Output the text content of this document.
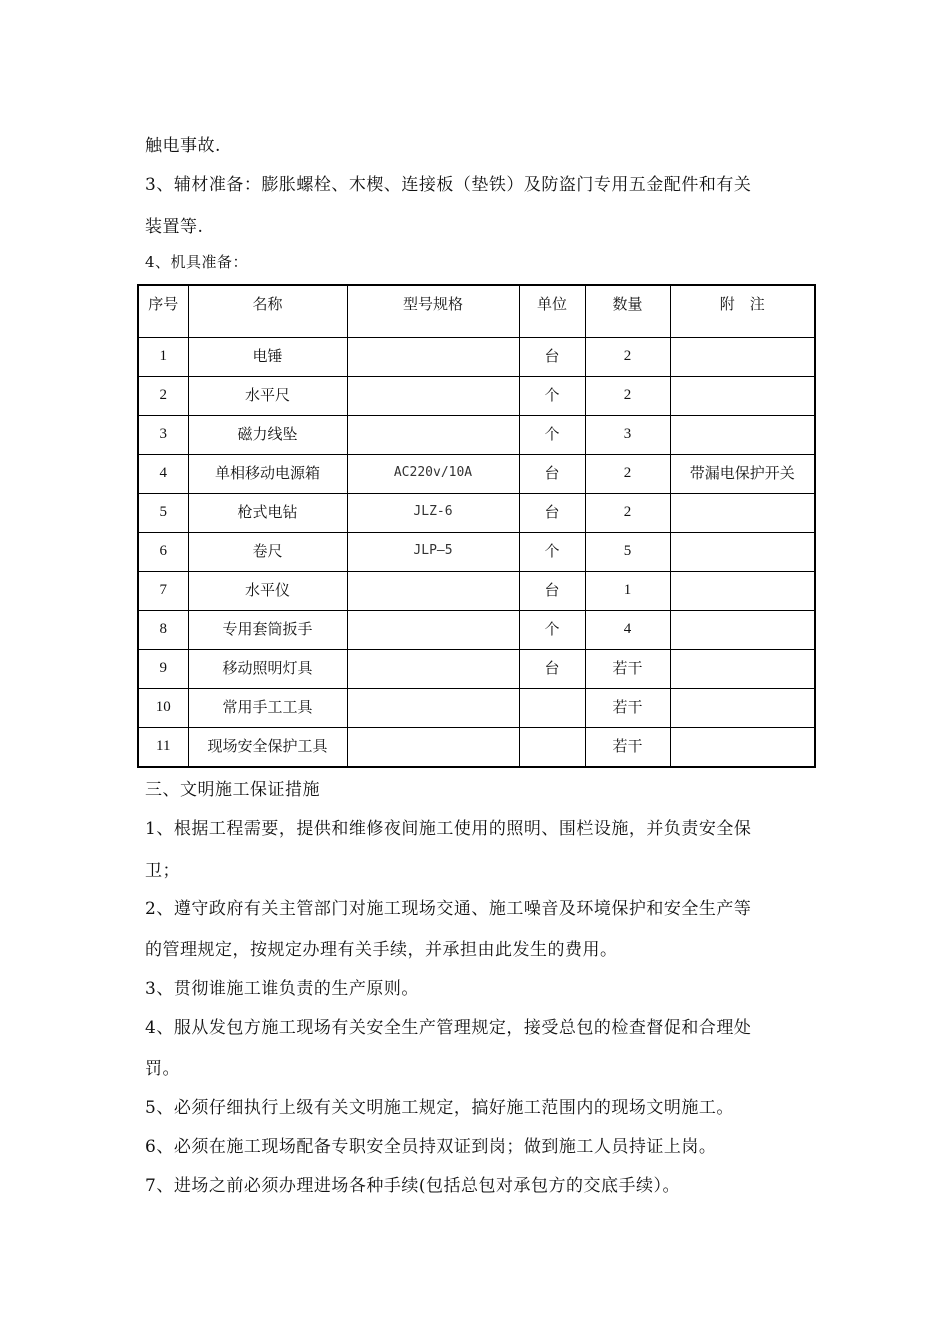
触电事故.
3、辅材准备：膨胀螺栓、木楔、连接板（垫铁）及防盗门专用五金配件和有关
装置等.
4、机具准备：
序号	名称	型号规格	单位	数量	附　注
1	电锤		台	2	
2	水平尺		个	2	
3	磁力线坠		个	3	
4	单相移动电源箱	AC220v/10A	台	2	带漏电保护开关
5	枪式电钻	JLZ-6	台	2	
6	卷尺	JLP—5	个	5	
7	水平仪		台	1	
8	专用套筒扳手		个	4	
9	移动照明灯具		台	若干	
10	常用手工工具			若干	
11	现场安全保护工具			若干	
三、文明施工保证措施
1、根据工程需要，提供和维修夜间施工使用的照明、围栏设施，并负责安全保
卫；
2、遵守政府有关主管部门对施工现场交通、施工噪音及环境保护和安全生产等
的管理规定，按规定办理有关手续，并承担由此发生的费用。
3、贯彻谁施工谁负责的生产原则。
4、服从发包方施工现场有关安全生产管理规定，接受总包的检查督促和合理处
罚。
5、必须仔细执行上级有关文明施工规定，搞好施工范围内的现场文明施工。
6、必须在施工现场配备专职安全员持双证到岗；做到施工人员持证上岗。
7、进场之前必须办理进场各种手续(包括总包对承包方的交底手续）。
